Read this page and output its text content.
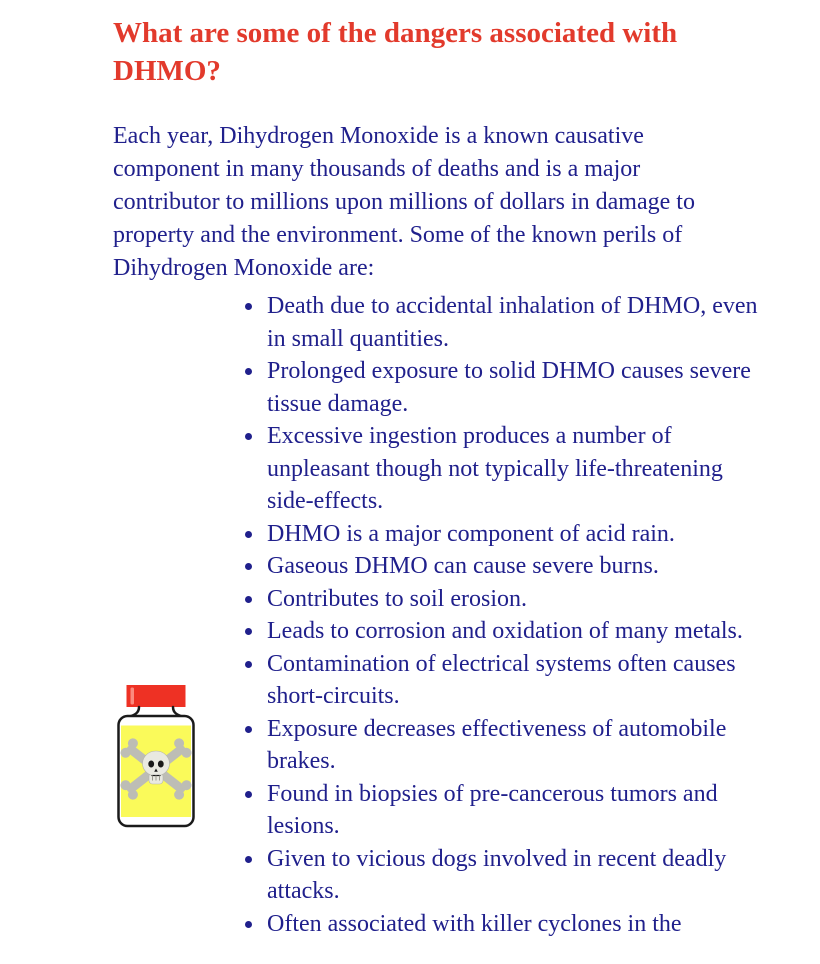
What are some of the dangers associated with DHMO?

Each year, Dihydrogen Monoxide is a known causative component in many thousands of deaths and is a major contributor to millions upon millions of dollars in damage to property and the environment. Some of the known perils of Dihydrogen Monoxide are:

• Death due to accidental inhalation of DHMO, even in small quantities.
• Prolonged exposure to solid DHMO causes severe tissue damage.
• Excessive ingestion produces a number of unpleasant though not typically life-threatening side-effects.
• DHMO is a major component of acid rain.
• Gaseous DHMO can cause severe burns.
• Contributes to soil erosion.
• Leads to corrosion and oxidation of many metals.
• Contamination of electrical systems often causes short-circuits.
• Exposure decreases effectiveness of automobile brakes.
• Found in biopsies of pre-cancerous tumors and lesions.
• Given to vicious dogs involved in recent deadly attacks.
• Often associated with killer cyclones in the
